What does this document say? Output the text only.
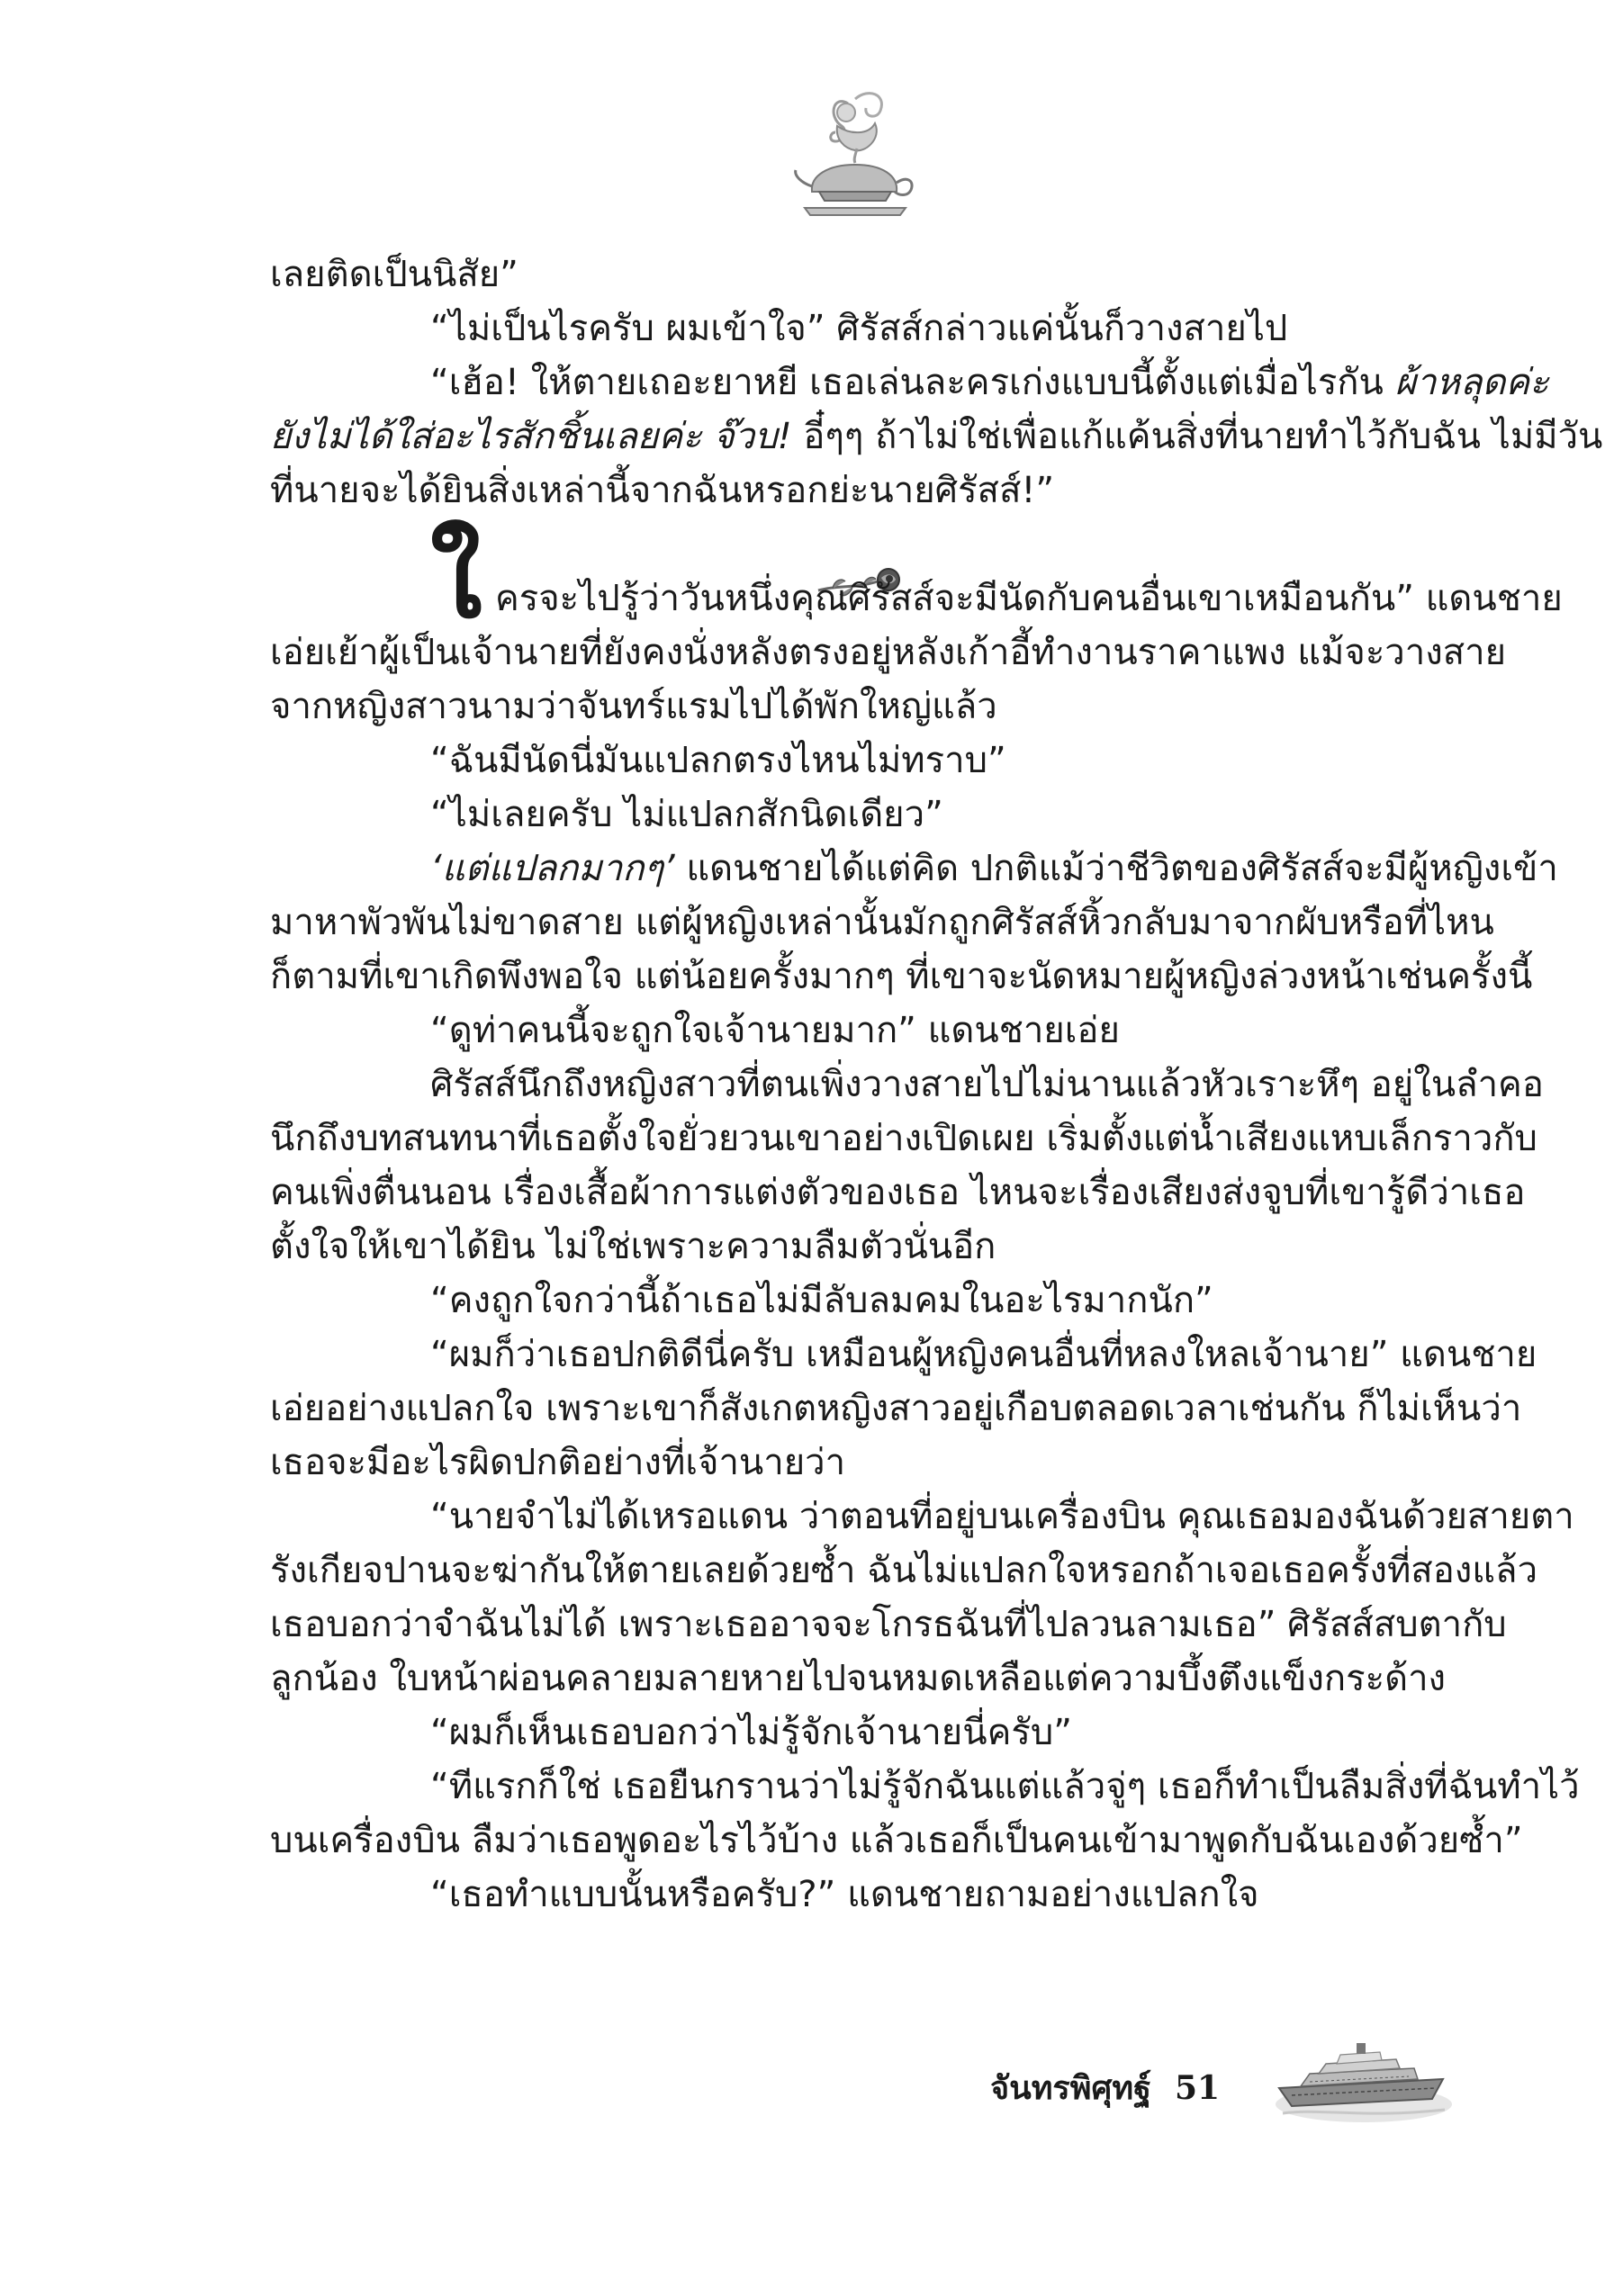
เลยติดเป็นนิสัย”
“ไม่เป็นไรครับ ผมเข้าใจ” ศิรัสส์กล่าวแค่นั้นก็วางสายไป
“เฮ้อ! ให้ตายเถอะยาหยี เธอเล่นละครเก่งแบบนี้ตั้งแต่เมื่อไรกัน ผ้าหลุดค่ะ
ยังไม่ได้ใส่อะไรสักชิ้นเลยค่ะ จ๊วบ! อี๋ๆๆ ถ้าไม่ใช่เพื่อแก้แค้นสิ่งที่นายทำไว้กับฉัน ไม่มีวัน
ที่นายจะได้ยินสิ่งเหล่านี้จากฉันหรอกย่ะนายศิรัสส์!”
ใ ครจะไปรู้ว่าวันหนึ่งคุณศิรัสส์จะมีนัดกับคนอื่นเขาเหมือนกัน” แดนชาย
เอ่ยเย้าผู้เป็นเจ้านายที่ยังคงนั่งหลังตรงอยู่หลังเก้าอี้ทำงานราคาแพง แม้จะวางสาย
จากหญิงสาวนามว่าจันทร์แรมไปได้พักใหญ่แล้ว
“ฉันมีนัดนี่มันแปลกตรงไหนไม่ทราบ”
“ไม่เลยครับ ไม่แปลกสักนิดเดียว”
‘แต่แปลกมากๆ’ แดนชายได้แต่คิด ปกติแม้ว่าชีวิตของศิรัสส์จะมีผู้หญิงเข้า
มาหาพัวพันไม่ขาดสาย แต่ผู้หญิงเหล่านั้นมักถูกศิรัสส์หิ้วกลับมาจากผับหรือที่ไหน
ก็ตามที่เขาเกิดพึงพอใจ แต่น้อยครั้งมากๆ ที่เขาจะนัดหมายผู้หญิงล่วงหน้าเช่นครั้งนี้
“ดูท่าคนนี้จะถูกใจเจ้านายมาก” แดนชายเอ่ย
ศิรัสส์นึกถึงหญิงสาวที่ตนเพิ่งวางสายไปไม่นานแล้วหัวเราะหึๆ อยู่ในลำคอ
นึกถึงบทสนทนาที่เธอตั้งใจยั่วยวนเขาอย่างเปิดเผย เริ่มตั้งแต่น้ำเสียงแหบเล็กราวกับ
คนเพิ่งตื่นนอน เรื่องเสื้อผ้าการแต่งตัวของเธอ ไหนจะเรื่องเสียงส่งจูบที่เขารู้ดีว่าเธอ
ตั้งใจให้เขาได้ยิน ไม่ใช่เพราะความลืมตัวนั่นอีก
“คงถูกใจกว่านี้ถ้าเธอไม่มีลับลมคมในอะไรมากนัก”
“ผมก็ว่าเธอปกติดีนี่ครับ เหมือนผู้หญิงคนอื่นที่หลงใหลเจ้านาย” แดนชาย
เอ่ยอย่างแปลกใจ เพราะเขาก็สังเกตหญิงสาวอยู่เกือบตลอดเวลาเช่นกัน ก็ไม่เห็นว่า
เธอจะมีอะไรผิดปกติอย่างที่เจ้านายว่า
“นายจำไม่ได้เหรอแดน ว่าตอนที่อยู่บนเครื่องบิน คุณเธอมองฉันด้วยสายตา
รังเกียจปานจะฆ่ากันให้ตายเลยด้วยซ้ำ ฉันไม่แปลกใจหรอกถ้าเจอเธอครั้งที่สองแล้ว
เธอบอกว่าจำฉันไม่ได้ เพราะเธออาจจะโกรธฉันที่ไปลวนลามเธอ” ศิรัสส์สบตากับ
ลูกน้อง ใบหน้าผ่อนคลายมลายหายไปจนหมดเหลือแต่ความบึ้งตึงแข็งกระด้าง
“ผมก็เห็นเธอบอกว่าไม่รู้จักเจ้านายนี่ครับ”
“ทีแรกก็ใช่ เธอยืนกรานว่าไม่รู้จักฉันแต่แล้วจู่ๆ เธอก็ทำเป็นลืมสิ่งที่ฉันทำไว้
บนเครื่องบิน ลืมว่าเธอพูดอะไรไว้บ้าง แล้วเธอก็เป็นคนเข้ามาพูดกับฉันเองด้วยซ้ำ”
“เธอทำแบบนั้นหรือครับ?” แดนชายถามอย่างแปลกใจ
จันทรพิศุทฐ์ 51
